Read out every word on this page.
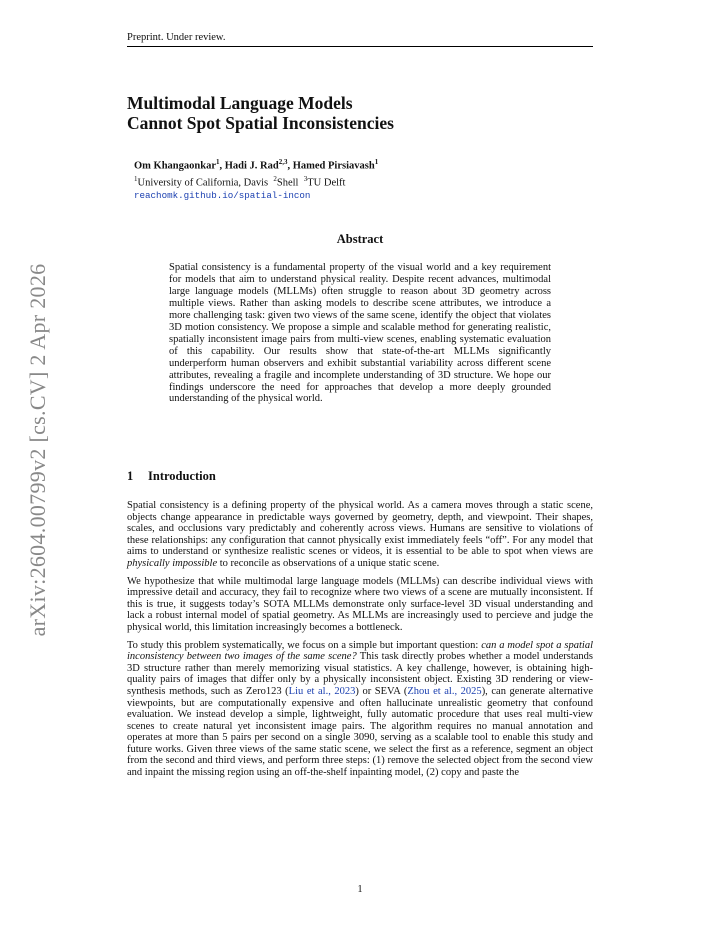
Preprint. Under review.
arXiv:2604.00799v2 [cs.CV] 2 Apr 2026
Multimodal Language Models
Cannot Spot Spatial Inconsistencies
Om Khangaonkar$^1$, Hadi J. Rad$^{2,3}$, Hamed Pirsiavash$^1$
$^1$University of California, Davis  $^2$Shell  $^3$TU Delft
reachomk.github.io/spatial-incon
Abstract
Spatial consistency is a fundamental property of the visual world and a key requirement for models that aim to understand physical reality. Despite recent advances, multimodal large language models (MLLMs) often struggle to reason about 3D geometry across multiple views. Rather than asking models to describe scene attributes, we introduce a more challenging task: given two views of the same scene, identify the object that violates 3D motion consistency. We propose a simple and scalable method for generating realistic, spatially inconsistent image pairs from multi-view scenes, enabling systematic evaluation of this capability. Our results show that state-of-the-art MLLMs significantly underperform human observers and exhibit substantial variability across different scene attributes, revealing a fragile and incomplete understanding of 3D structure. We hope our findings underscore the need for approaches that develop a more deeply grounded understanding of the physical world.
1 Introduction

Spatial consistency is a defining property of the physical world. As a camera moves through a static scene, objects change appearance in predictable ways governed by geometry, depth, and viewpoint. Their shapes, scales, and occlusions vary predictably and coherently across views. Humans are sensitive to violations of these relationships: any configuration that cannot physically exist immediately feels “off”. For any model that aims to understand or synthesize realistic scenes or videos, it is essential to be able to spot when views are physically impossible to reconcile as observations of a unique static scene.

We hypothesize that while multimodal large language models (MLLMs) can describe individual views with impressive detail and accuracy, they fail to recognize where two views of a scene are mutually inconsistent. If this is true, it suggests today’s SOTA MLLMs demonstrate only surface-level 3D visual understanding and lack a robust internal model of spatial geometry. As MLLMs are increasingly used to percieve and judge the physical world, this limitation increasingly becomes a bottleneck.

To study this problem systematically, we focus on a simple but important question: can a model spot a spatial inconsistency between two images of the same scene? This task directly probes whether a model understands 3D structure rather than merely memorizing visual statistics. A key challenge, however, is obtaining high-quality pairs of images that differ only by a physically inconsistent object. Existing 3D rendering or view-synthesis methods, such as Zero123 (Liu et al., 2023) or SEVA (Zhou et al., 2025), can generate alternative viewpoints, but are computationally expensive and often hallucinate unrealistic geometry that confound evaluation. We instead develop a simple, lightweight, fully automatic procedure that uses real multi-view scenes to create natural yet inconsistent image pairs. The algorithm requires no manual annotation and operates at more than 5 pairs per second on a single 3090, serving as a scalable tool to enable this study and future works. Given three views of the same static scene, we select the first as a reference, segment an object from the second and third views, and perform three steps: (1) remove the selected object from the second view and inpaint the missing region using an off-the-shelf inpainting model, (2) copy and paste the

1
